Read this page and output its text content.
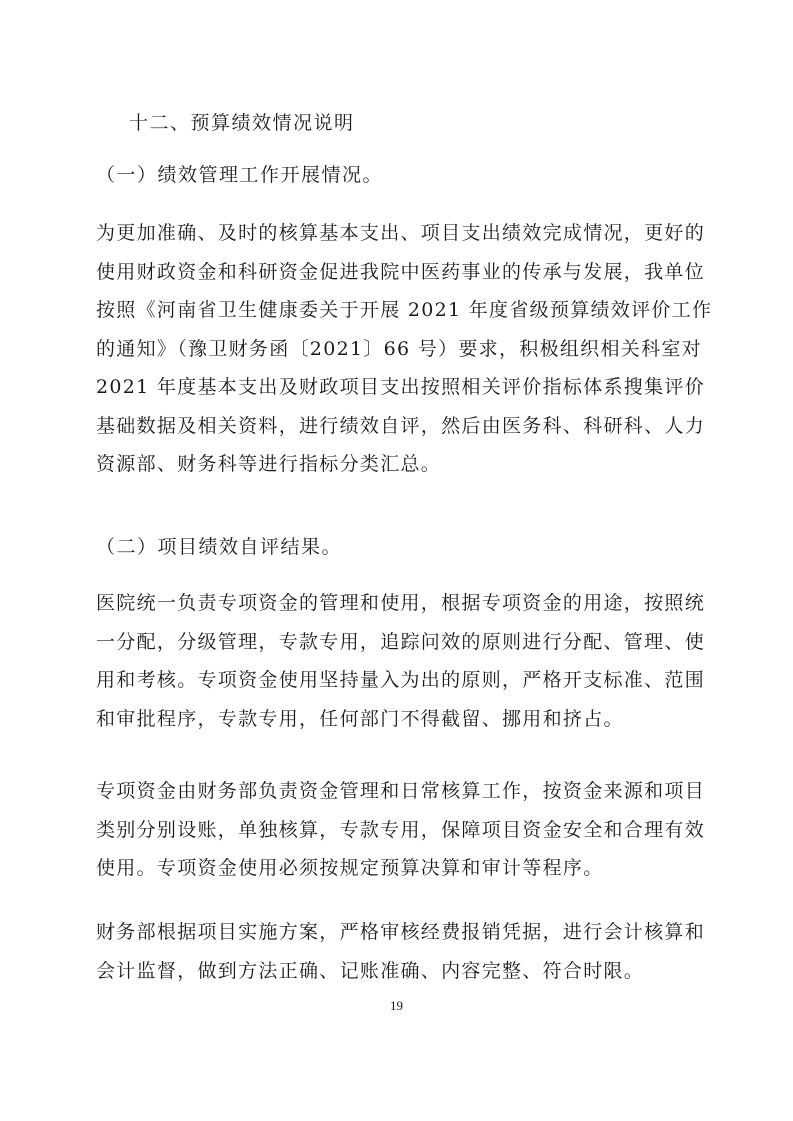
十二、预算绩效情况说明
（一）绩效管理工作开展情况。
为更加准确、及时的核算基本支出、项目支出绩效完成情况，更好的
使用财政资金和科研资金促进我院中医药事业的传承与发展，我单位
按照《河南省卫生健康委关于开展 2021 年度省级预算绩效评价工作
的通知》（豫卫财务函〔2021〕66 号）要求，积极组织相关科室对
2021 年度基本支出及财政项目支出按照相关评价指标体系搜集评价
基础数据及相关资料，进行绩效自评，然后由医务科、科研科、人力
资源部、财务科等进行指标分类汇总。
（二）项目绩效自评结果。
医院统一负责专项资金的管理和使用，根据专项资金的用途，按照统
一分配，分级管理，专款专用，追踪问效的原则进行分配、管理、使
用和考核。专项资金使用坚持量入为出的原则，严格开支标准、范围
和审批程序，专款专用，任何部门不得截留、挪用和挤占。
专项资金由财务部负责资金管理和日常核算工作，按资金来源和项目
类别分别设账，单独核算，专款专用，保障项目资金安全和合理有效
使用。专项资金使用必须按规定预算决算和审计等程序。
财务部根据项目实施方案，严格审核经费报销凭据，进行会计核算和
会计监督，做到方法正确、记账准确、内容完整、符合时限。
19
